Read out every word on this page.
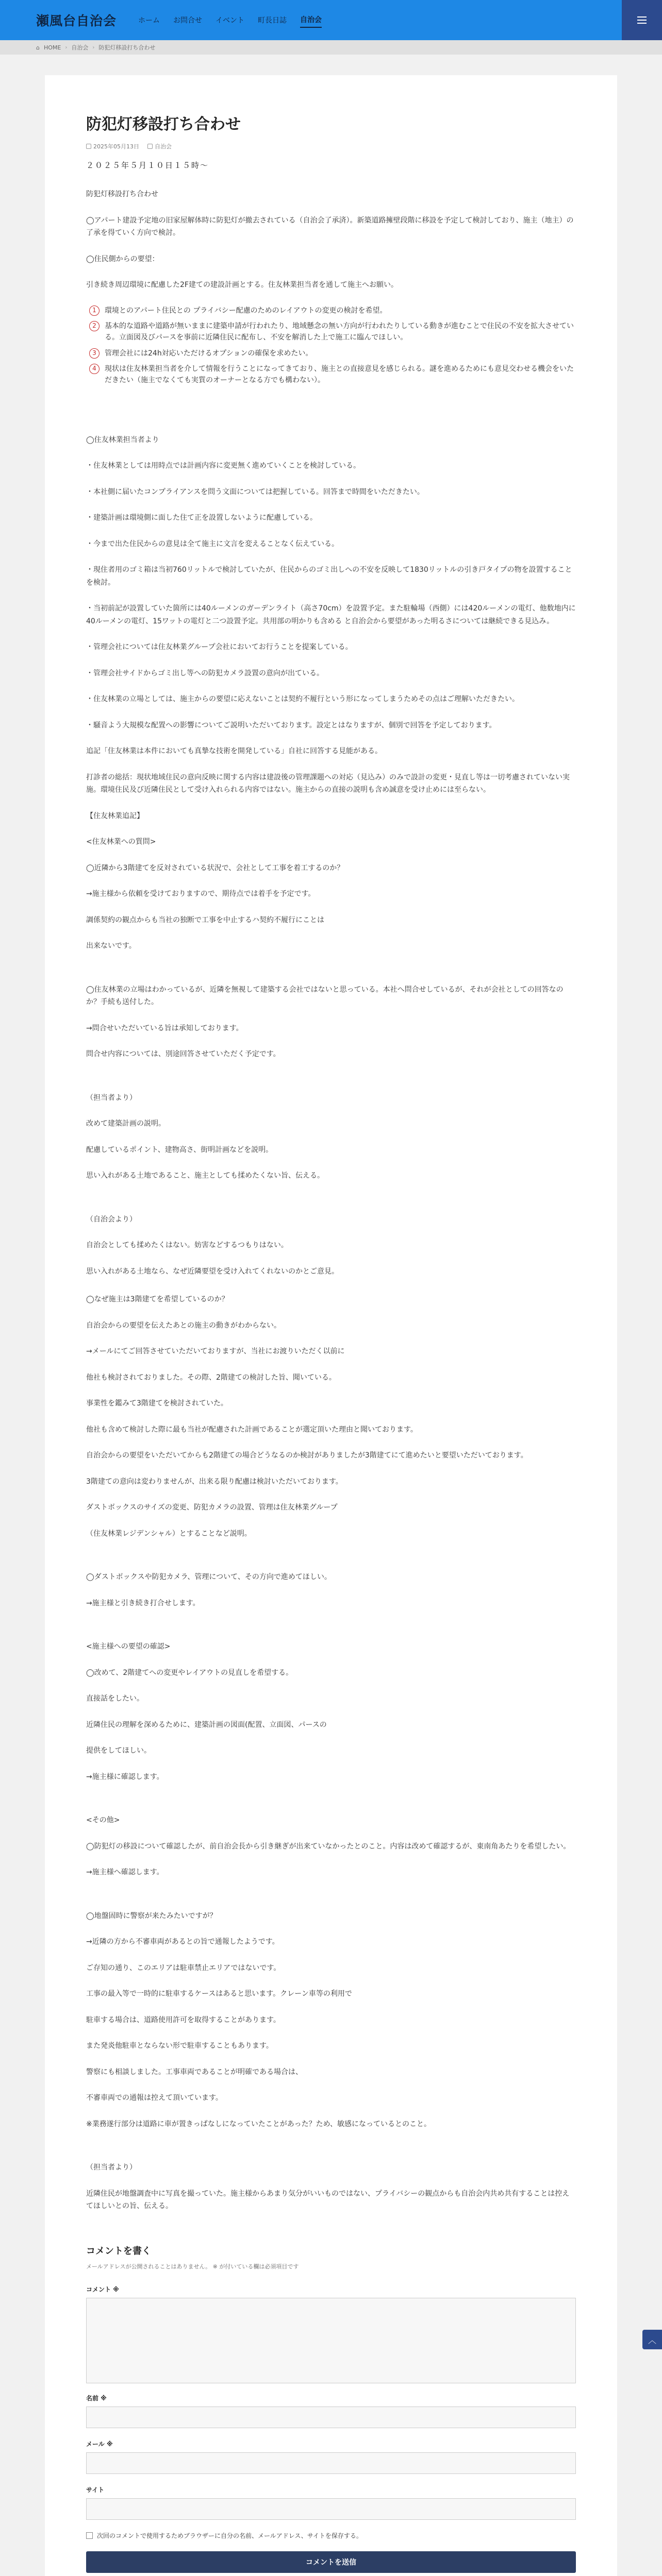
瀬風台自治会	ホーム お問合せ イベント 町長日誌 自治会
⌂ HOME › 自治会 › 防犯灯移設打ち合わせ
防犯灯移設打ち合わせ
2025年05月13日	自治会
２０２５年５月１０日１５時〜

防犯灯移設打ち合わせ

◯アパート建設予定地の旧家屋解体時に防犯灯が撤去されている（自治会了承済）。新築道路擁壁段階に移設を予定して検討しており、施主（地主）の了承を得ていく方向で検討。

◯住民側からの要望：

引き続き周辺環境に配慮した2F建ての建設計画とする。住友林業担当者を通して施主へお願い。

1	環境とのアパート住民との プライバシー配慮のためのレイアウトの変更の検討を希望。
2	基本的な道路や道路が無いままに建築申請が行われたり、地域懸念の無い方向が行われたりしている動きが進むことで住民の不安を拡大させている。立面図及びパースを事前に近隣住民に配布し、不安を解消した上で施工に臨んでほしい。
3	管理会社には24h対応いただけるオプションの確保を求めたい。
4	現状は住友林業担当者を介して情報を行うことになってきており、施主との直接意見を感じられる。謎を進めるためにも意見交わせる機会をいただきたい（施主でなくても実質のオーナーとなる方でも構わない）。

◯住友林業担当者より

・住友林業としては用時点では計画内容に変更無く進めていくことを検討している。

・本社側に届いたコンプライアンスを問う文面については把握している。回答まで時間をいただきたい。

・建築計画は環境側に面した住て正を設置しないように配慮している。

・今まで出た住民からの意見は全て施主に文言を変えることなく伝えている。

・現住者用のゴミ箱は当初760リットルで検討していたが、住民からのゴミ出しへの不安を反映して1830リットルの引き戸タイプの物を設置することを検討。

・当初前記が設置していた箇所には40ルーメンのガーデンライト（高さ70cm）を設置予定。また駐輪場（西側）には420ルーメンの電灯、他数地内に40ルーメンの電灯、15ワットの電灯と二つ設置予定。共用部の明かりも含める と自治会から要望があった明るさについては継続できる見込み。

・管理会社については住友林業グループ会社においてお行うことを提案している。

・管理会社サイドからゴミ出し等への防犯カメラ設置の意向が出ている。

・住友林業の立場としては、施主からの要望に応えないことは契約不履行という形になってしまうためその点はご理解いただきたい。

・騒音よう大規模な配置への影響についてご説明いただいております。設定とはなりますが、個別で回答を予定しております。

追記「住友林業は本件においても真摯な技術を開発している」自社に回答する見能がある。

打診者の総括：現状地域住民の意向反映に関する内容は建設後の管理課題への対応（見込み）のみで設計の変更・見直し等は一切考慮されていない実施。環境住民及び近隣住民として受け入れられる内容ではない。施主からの直接の説明も含め誠意を受け止めには至らない。

【住友林業追記】

<住友林業への質問>

◯近隣から3階建てを反対されている状況で、会社として工事を着工するのか？

→施主様から依頼を受けておりますので、期待点では着手を予定です。

調係契約の観点からも当社の独断で工事を中止するハ契約不履行にことは

出来ないです。

◯住友林業の立場はわかっているが、近隣を無視して建築する会社ではないと思っている。本社へ問合せしているが、それが会社としての回答なのか？手続も送付した。

→問合せいただいている旨は承知しております。

問合せ内容については、別途回答させていただく予定です。

（担当者より）

改めて建築計画の説明。

配慮しているポイント、建物高さ、街明計画などを説明。

思い入れがある土地であること、施主としても揉めたくない旨、伝える。

（自治会より）

自治会としても揉めたくはない。妨害などするつもりはない。

思い入れがある土地なら、なぜ近隣要望を受け入れてくれないのかとご意見。

◯なぜ施主は3階建てを希望しているのか？

自治会からの要望を伝えたあとの施主の動きがわからない。

→メールにてご回答させていただいておりますが、当社にお渡りいただく以前に

他社も検討されておりました。その際、2階建ての検討した旨、聞いている。

事業性を鑑みて3階建てを検討されていた。

他社も含めて検討した際に最も当社が配慮された計画であることが選定頂いた理由と聞いております。

自治会からの要望をいただいてからも2階建ての場合どうなるのか検討がありましたが3階建てにて進めたいと要望いただいております。

3階建ての意向は変わりませんが、出来る限り配慮は検討いただいております。

ダストボックスのサイズの変更、防犯カメラの設置、管理は住友林業グループ

（住友林業レジデンシャル）とすることなど説明。

◯ダストボックスや防犯カメラ、管理について、その方向で進めてほしい。

→施主様と引き続き打合せします。

<施主様への要望の確認>

◯改めて、2階建てへの変更やレイアウトの見直しを希望する。

直接話をしたい。

近隣住民の理解を深めるために、建築計画の図面(配置、立面図、パースの

提供をしてほしい。

→施主様に確認します。

<その他>

◯防犯灯の移設について確認したが、前自治会長から引き継ぎが出来ていなかったとのこと。内容は改めて確認するが、東南角あたりを希望したい。

→施主様へ確認します。

◯地盤固時に警察が来たみたいですが？

→近隣の方から不審車両があるとの旨で通報したようです。

ご存知の通り、このエリアは駐車禁止エリアではないです。

工事の最入等で一時的に駐車するケースはあると思います。クレーン車等の利用で

駐車する場合は、道路使用許可を取得することがあります。

また発炎他駐車とならない形で駐車することもあります。

警察にも相談しました。工事車両であることが明確である場合は、

不審車両での通報は控えて頂いています。

※業務遂行部分は道路に車が置きっぱなしになっていたことがあった？ため、敏感になっているとのこと。

（担当者より）

近隣住民が地盤調査中に写真を撮っていた。施主様からあまり気分がいいものではない、プライバシーの観点からも自治会内共め共有することは控えてほしいとの旨、伝える。

コメントを書く

メールアドレスが公開されることはありません。 ※ が付いている欄は必須項目です

コメント ※
名前 ※
メール ※
サイト
次回のコメントで使用するためブラウザーに自分の名前、メールアドレス、サイトを保存する。
コメントを送信
︿
